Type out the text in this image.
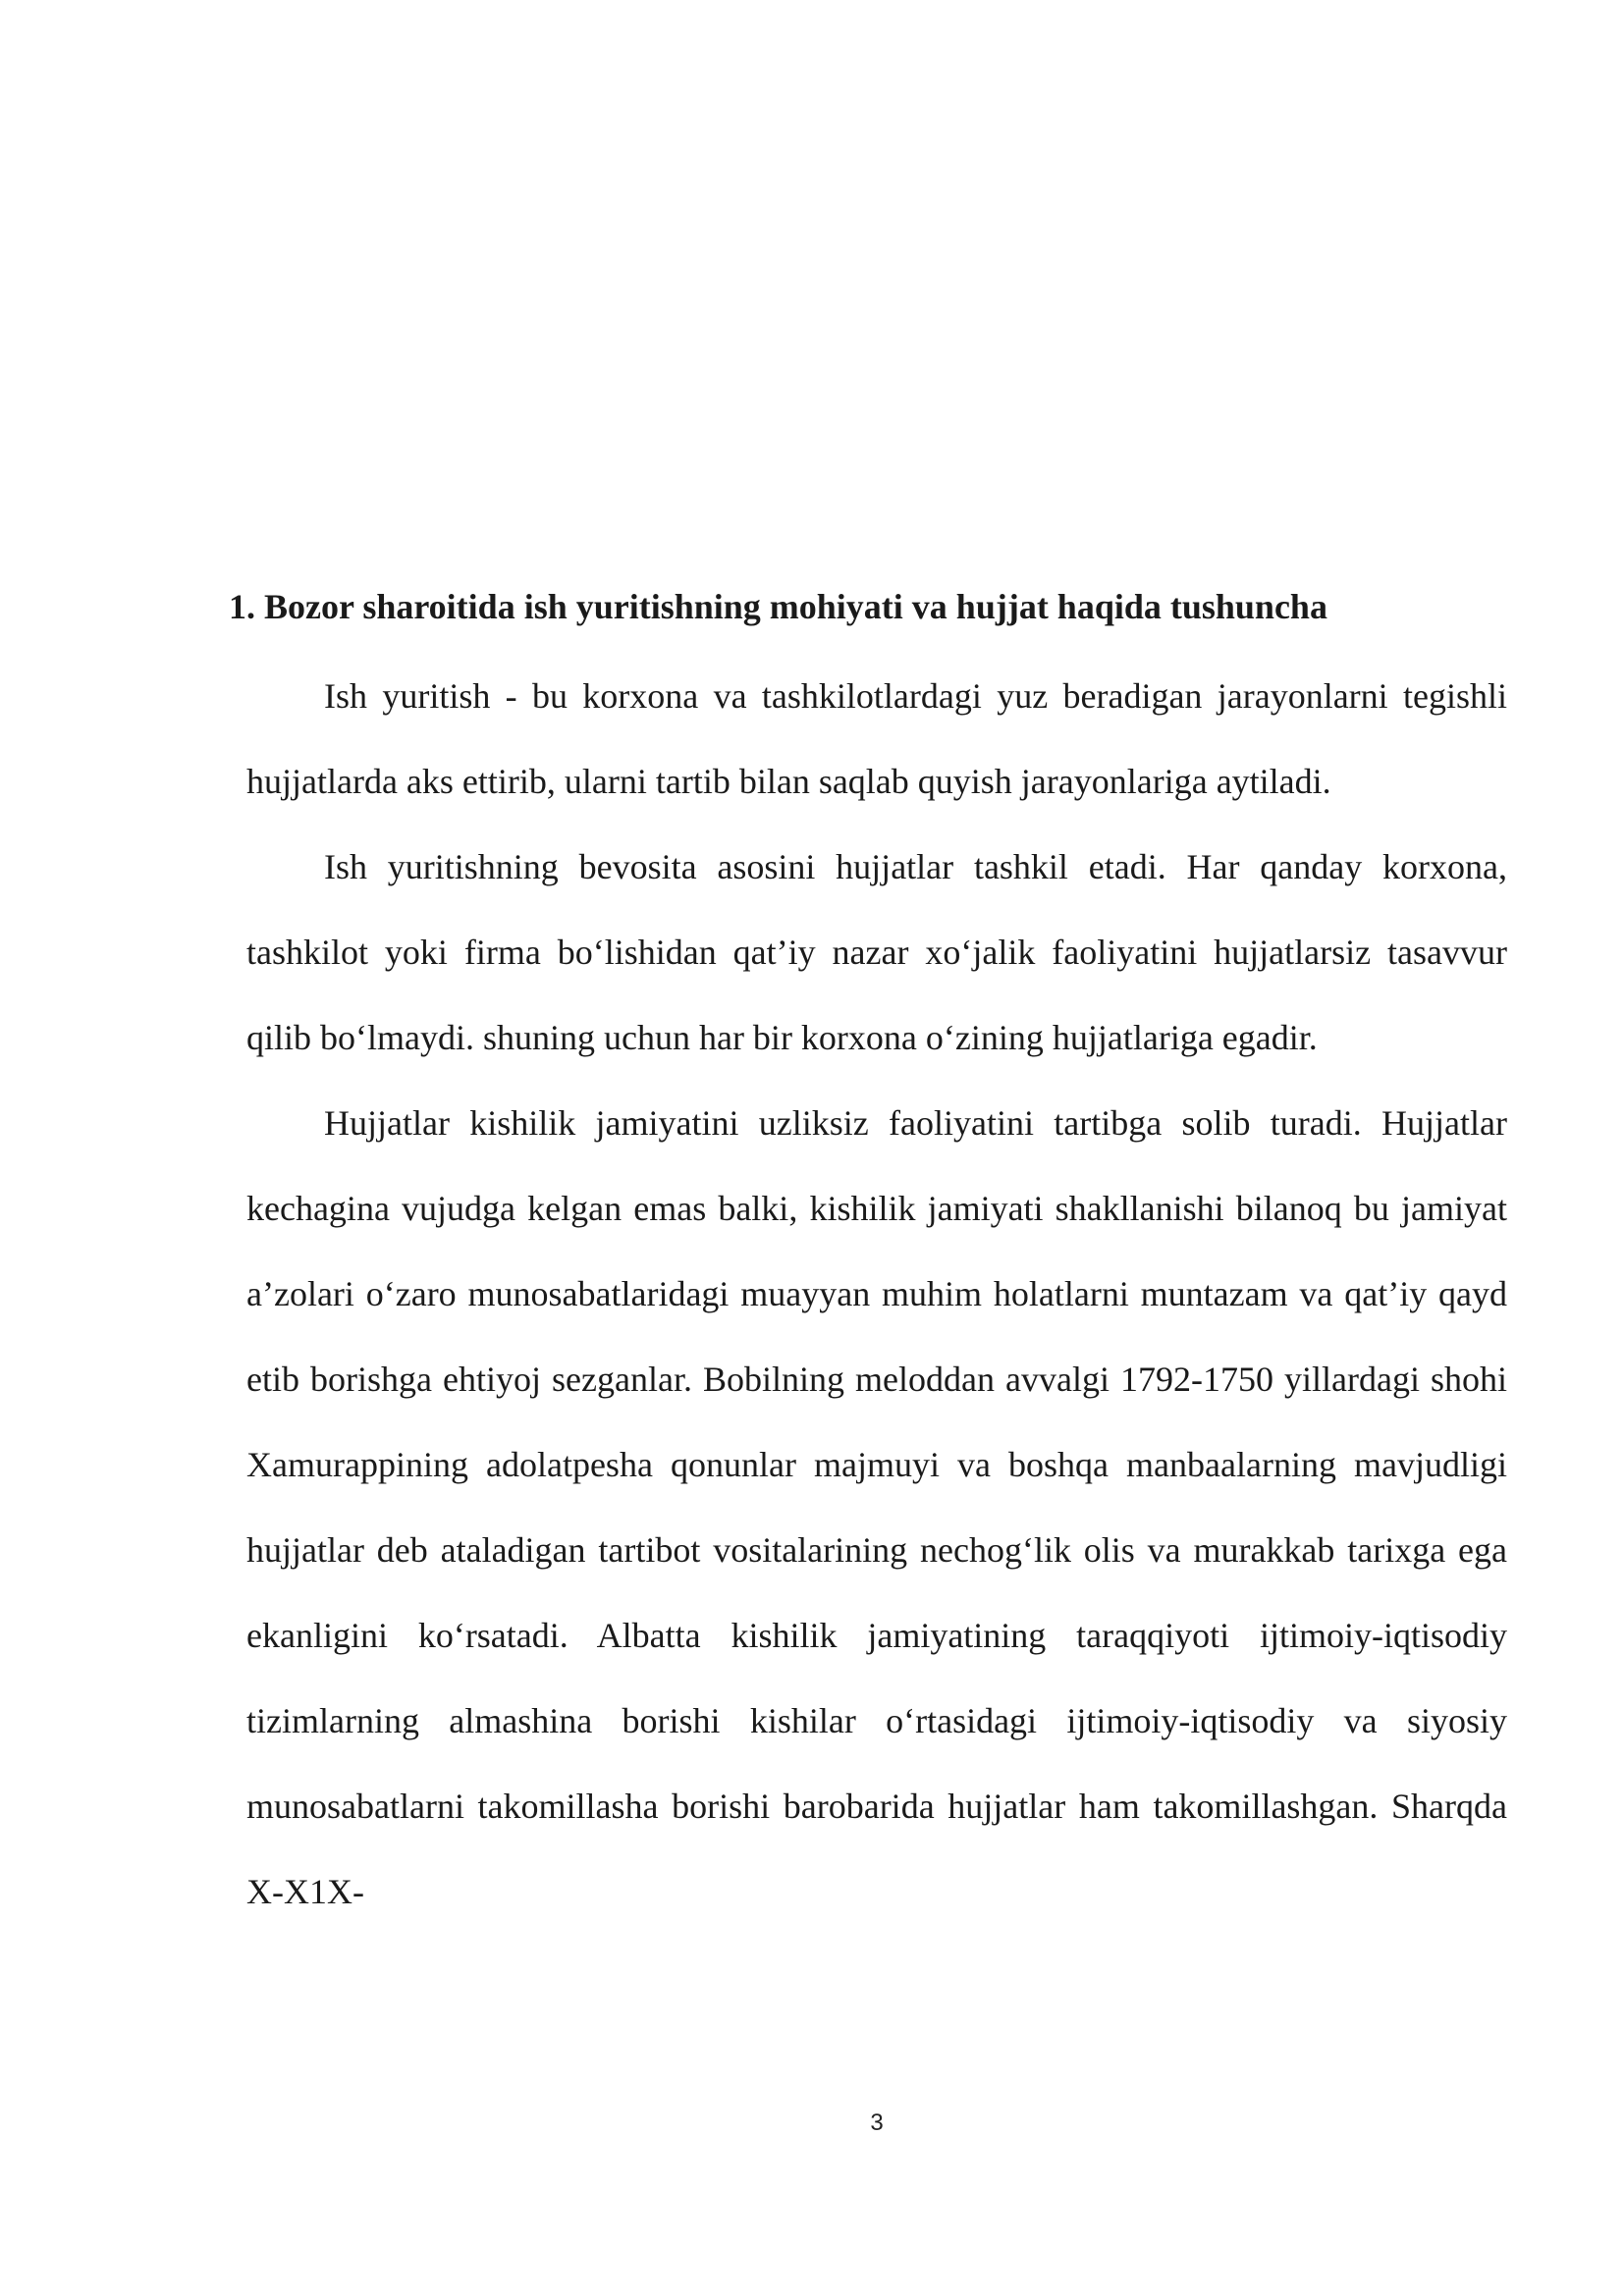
1. Bozor sharoitida ish yuritishning mohiyati va hujjat haqida tushuncha

Ish yuritish - bu korxona va tashkilotlardagi yuz beradigan jarayonlarni tegishli hujjatlarda aks ettirib, ularni tartib bilan saqlab quyish jarayonlariga aytiladi.

Ish yuritishning bevosita asosini hujjatlar tashkil etadi. Har qanday korxona, tashkilot yoki firma bo‘lishidan qat’iy nazar xo‘jalik faoliyatini hujjatlarsiz tasavvur qilib bo‘lmaydi. shuning uchun har bir korxona o‘zining hujjatlariga egadir.

Hujjatlar kishilik jamiyatini uzliksiz faoliyatini tartibga solib turadi. Hujjatlar kechagina vujudga kelgan emas balki, kishilik jamiyati shakllanishi bilanoq bu jamiyat a’zolari o‘zaro munosabatlaridagi muayyan muhim holatlarni muntazam va qat’iy qayd etib borishga ehtiyoj sezganlar. Bobilning meloddan avvalgi 1792-1750 yillardagi shohi Xamurappining adolatpesha qonunlar majmuyi va boshqa manbaalarning mavjudligi hujjatlar deb ataladigan tartibot vositalarining nechog‘lik olis va murakkab tarixga ega ekanligini ko‘rsatadi. Albatta kishilik jamiyatining taraqqiyoti ijtimoiy-iqtisodiy tizimlarning almashina borishi kishilar o‘rtasidagi ijtimoiy-iqtisodiy va siyosiy munosabatlarni takomillasha borishi barobarida hujjatlar ham takomillashgan. Sharqda X-X1X-

3
